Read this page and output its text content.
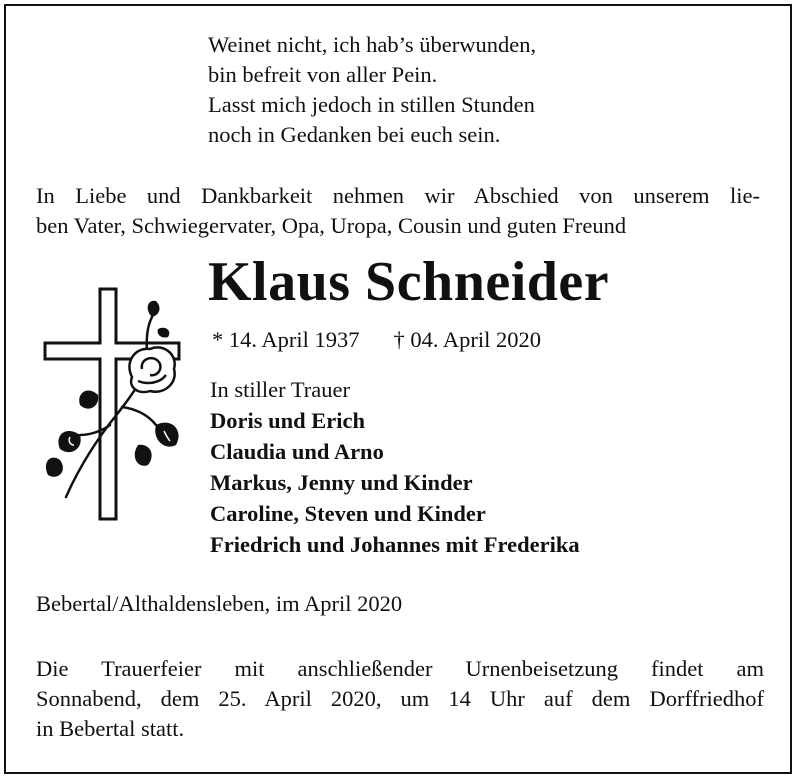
Weinet nicht, ich hab’s überwunden,
bin befreit von aller Pein.
Lasst mich jedoch in stillen Stunden
noch in Gedanken bei euch sein.
In Liebe und Dankbarkeit nehmen wir Abschied von unserem lie-
ben Vater, Schwiegervater, Opa, Uropa, Cousin und guten Freund
Klaus Schneider
* 14. April 1937 † 04. April 2020
In stiller Trauer
Doris und Erich
Claudia und Arno
Markus, Jenny und Kinder
Caroline, Steven und Kinder
Friedrich und Johannes mit Frederika
Bebertal/Althaldensleben, im April 2020
Die Trauerfeier mit anschließender Urnenbeisetzung findet am
Sonnabend, dem 25. April 2020, um 14 Uhr auf dem Dorffriedhof
in Bebertal statt.
